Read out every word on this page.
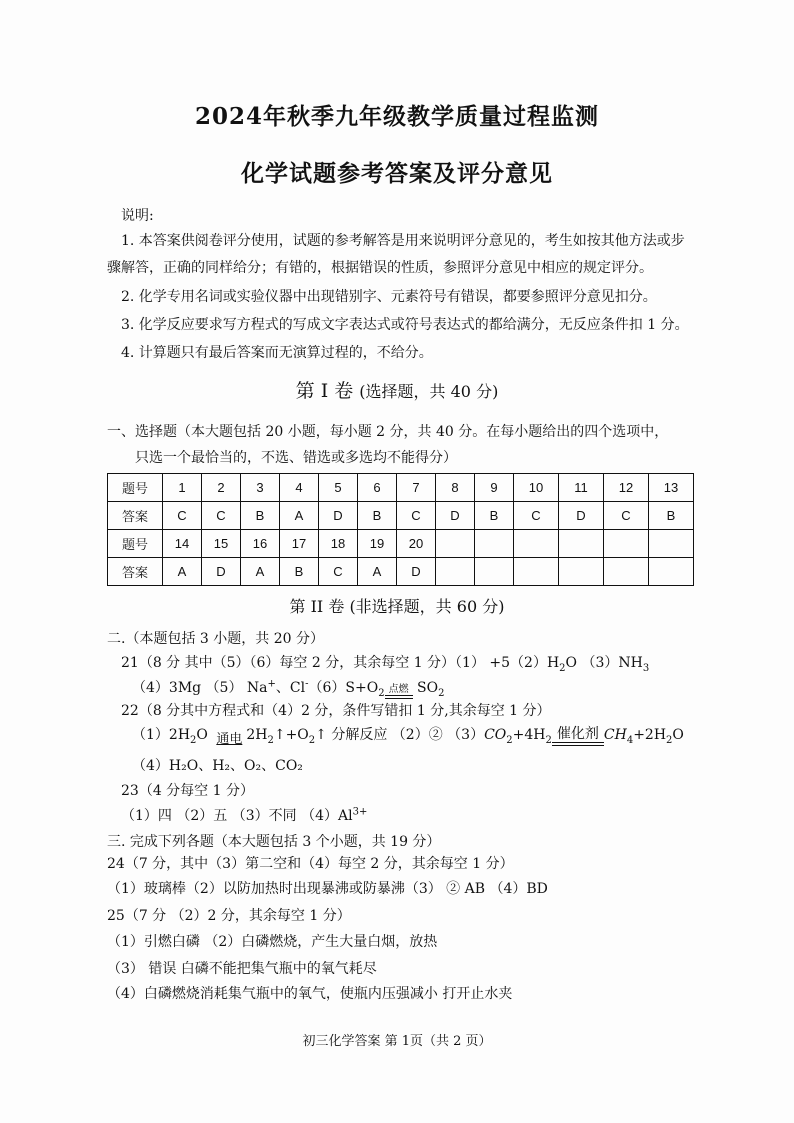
2024年秋季九年级教学质量过程监测
化学试题参考答案及评分意见
说明:
1. 本答案供阅卷评分使用，试题的参考解答是用来说明评分意见的，考生如按其他方法或步
骤解答，正确的同样给分；有错的，根据错误的性质，参照评分意见中相应的规定评分。
2. 化学专用名词或实验仪器中出现错别字、元素符号有错误，都要参照评分意见扣分。
3. 化学反应要求写方程式的写成文字表达式或符号表达式的都给满分，无反应条件扣 1 分。
4. 计算题只有最后答案而无演算过程的，不给分。
第 I 卷 (选择题，共 40 分)
一、选择题（本大题包括 20 小题，每小题 2 分，共 40 分。在每小题给出的四个选项中，
只选一个最恰当的，不选、错选或多选均不能得分）
题号	1	2	3	4	5	6	7	8	9	10	11	12	13
答案	C	C	B	A	D	B	C	D	B	C	D	C	B
题号	14	15	16	17	18	19	20						
答案	A	D	A	B	C	A	D						
第 II 卷 (非选择题，共 60 分)
二.（本题包括 3 小题，共 20 分）
21（8 分 其中（5）（6）每空 2 分，其余每空 1 分）$(1) +5(2)H_2O$ $(3)NH_3$
（4）3Mg （5） Na+、$Cl^-(6)S+O_2$ 点燃 $SO_2$
22（8 分其中方程式和（4）2 分，条件写错扣 1 分,其余每空 1 分）
$(1)2H_2O$ 通电 $2H_2↑+O_2↑$ 分解反应 （2）② $(3)CO_2+4H_2$ 催化剂 $CH_4+2H_2O$
（4）H₂O、H₂、O₂、CO₂
23（4 分每空 1 分）
（1）四 （2）五 （3）不同 $(4)Al^{3+}$
三. 完成下列各题（本大题包括 3 个小题，共 19 分）
24（7 分，其中（3）第二空和（4）每空 2 分，其余每空 1 分）
（1）玻璃棒（2）以防加热时出现暴沸或防暴沸（3） ② AB （4）BD
25（7 分 （2）2 分，其余每空 1 分）
（1）引燃白磷 （2）白磷燃烧，产生大量白烟，放热
（3） 错误 白磷不能把集气瓶中的氧气耗尽
（4）白磷燃烧消耗集气瓶中的氧气，使瓶内压强减小 打开止水夹
初三化学答案 第 1页（共 2 页）
